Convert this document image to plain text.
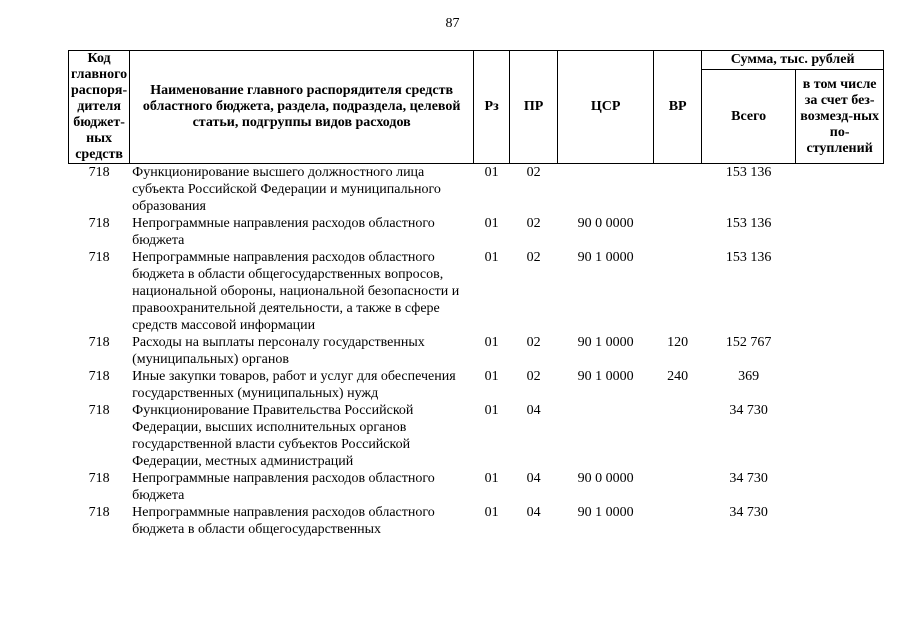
87
Код главного распоря-дителя бюджет-ных средств	Наименование главного распорядителя средств областного бюджета, раздела, подраздела, целевой статьи, подгруппы видов расходов	Рз	ПР	ЦСР	ВР	Сумма, тыс. рублей	
						Всего	в том числе за счет без-возмезд-ных по-ступлений
718	Функционирование высшего должностного лица субъекта Российской Федерации и муниципального образования	01	02			153 136	
718	Непрограммные направления расходов областного бюджета	01	02	90 0 0000		153 136	
718	Непрограммные направления расходов областного бюджета в области общегосударственных вопросов, национальной обороны, национальной безопасности и правоохранительной деятельности, а также в сфере средств массовой информации	01	02	90 1 0000		153 136	
718	Расходы на выплаты персоналу государственных (муниципальных) органов	01	02	90 1 0000	120	152 767	
718	Иные закупки товаров, работ и услуг для обеспечения государственных (муниципальных) нужд	01	02	90 1 0000	240	369	
718	Функционирование Правительства Российской Федерации, высших исполнительных органов государственной власти субъектов Российской Федерации, местных администраций	01	04			34 730	
718	Непрограммные направления расходов областного бюджета	01	04	90 0 0000		34 730	
718	Непрограммные направления расходов областного бюджета в области общегосударственных	01	04	90 1 0000		34 730	
